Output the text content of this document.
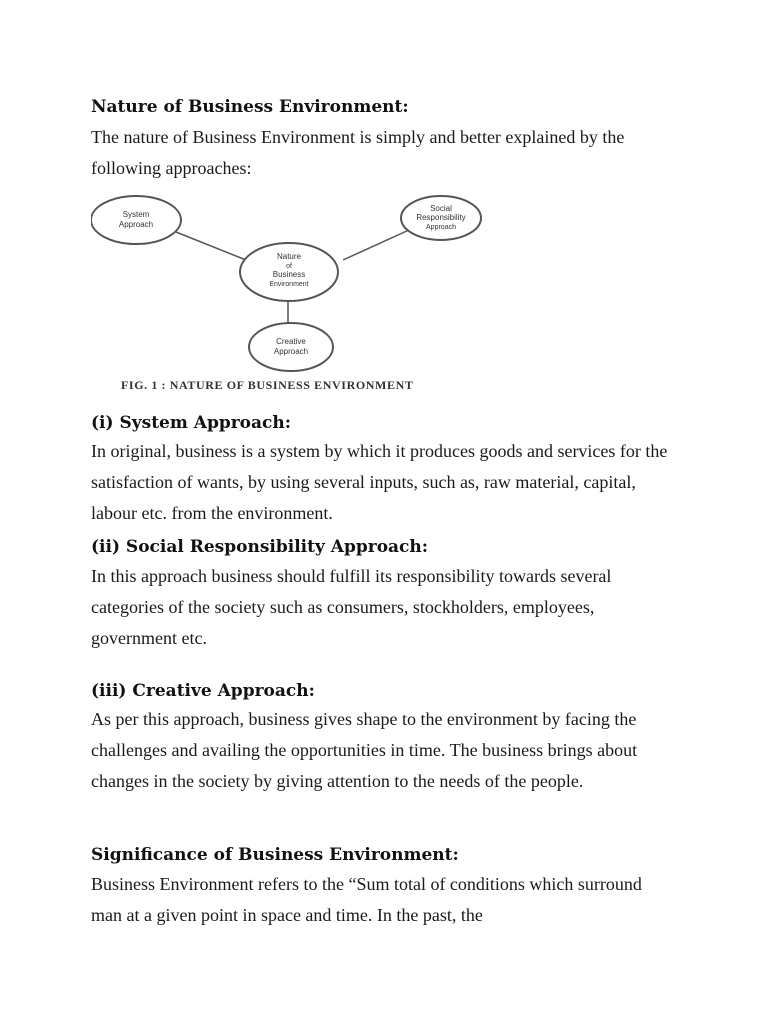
Nature of Business Environment:

The nature of Business Environment is simply and better explained by the following approaches:

(i) System Approach:

In original, business is a system by which it produces goods and services for the satisfaction of wants, by using several inputs, such as, raw material, capital, labour etc. from the environment.

(ii) Social Responsibility Approach:

In this approach business should fulfill its responsibility towards several categories of the society such as consumers, stockholders, employees, government etc.

(iii) Creative Approach:

As per this approach, business gives shape to the environment by facing the challenges and availing the opportunities in time. The business brings about changes in the society by giving attention to the needs of the people.

Significance of Business Environment:

Business Environment refers to the “Sum total of conditions which surround man at a given point in space and time. In the past, the

System
Approach
Nature
of
Business
Environment
Social
Responsibility
Approach
Creative
Approach
FIG. 1 : NATURE OF BUSINESS ENVIRONMENT
